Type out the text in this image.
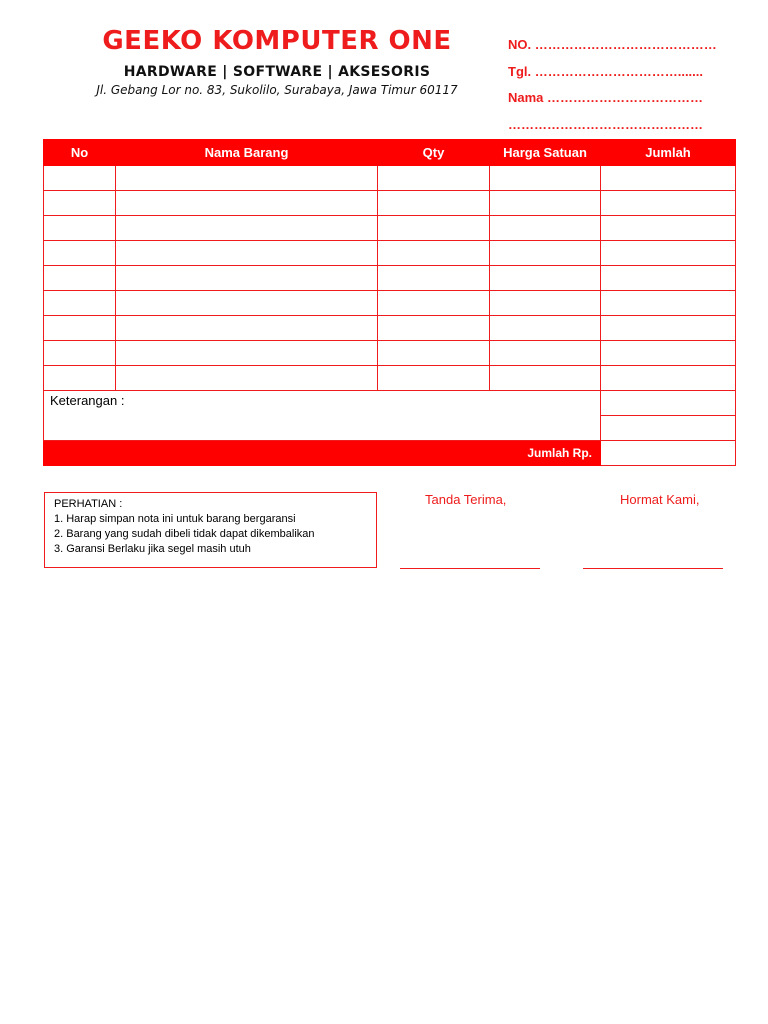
GEEKO KOMPUTER ONE
HARDWARE | SOFTWARE | AKSESORIS
Jl. Gebang Lor no. 83, Sukolilo, Surabaya, Jawa Timur 60117
NO. ……………………………………
Tgl. …………………………….......
Nama ………………………………
………………………………………
No	Nama Barang	Qty	Harga Satuan	Jumlah

Keterangan :				

Jumlah Rp.				
PERHATIAN :
1. Harap simpan nota ini untuk barang bergaransi
2. Barang yang sudah dibeli tidak dapat dikembalikan
3. Garansi Berlaku jika segel masih utuh
Tanda Terima,	Hormat Kami,
